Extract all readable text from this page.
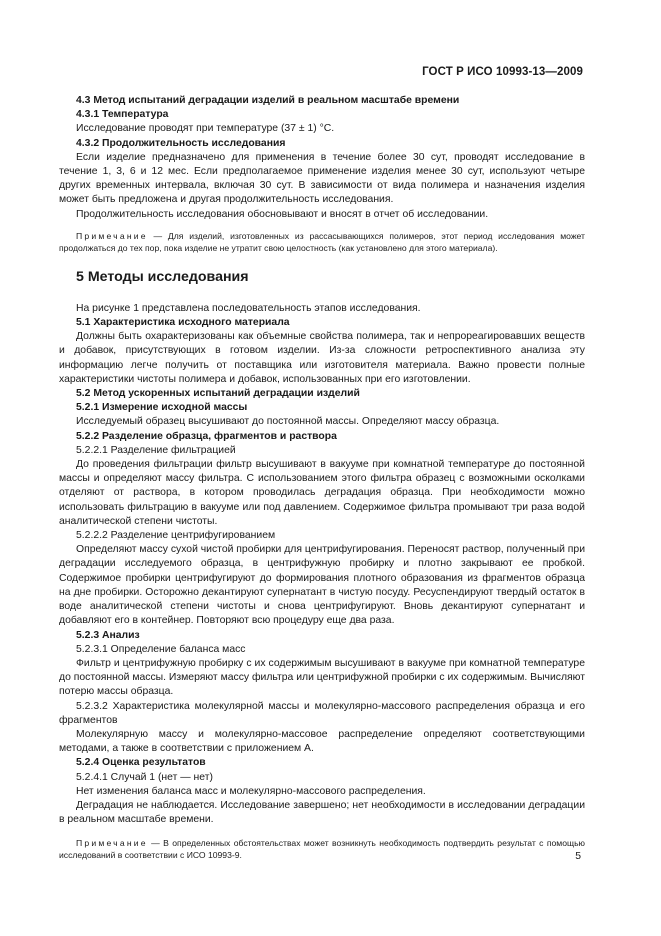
ГОСТ Р ИСО 10993-13—2009

4.3 Метод испытаний деградации изделий в реальном масштабе времени

4.3.1 Температура

Исследование проводят при температуре (37 ± 1) °С.

4.3.2 Продолжительность исследования

Если изделие предназначено для применения в течение более 30 сут, проводят исследование в течение 1, 3, 6 и 12 мес. Если предполагаемое применение изделия менее 30 сут, используют четыре других временных интервала, включая 30 сут. В зависимости от вида полимера и назначения изделия может быть предложена и другая продолжительность исследования.

Продолжительность исследования обосновывают и вносят в отчет об исследовании.

Примечание — Для изделий, изготовленных из рассасывающихся полимеров, этот период исследования может продолжаться до тех пор, пока изделие не утратит свою целостность (как установлено для этого материала).

5 Методы исследования

На рисунке 1 представлена последовательность этапов исследования.

5.1 Характеристика исходного материала

Должны быть охарактеризованы как объемные свойства полимера, так и непрореагировавших веществ и добавок, присутствующих в готовом изделии. Из-за сложности ретроспективного анализа эту информацию легче получить от поставщика или изготовителя материала. Важно провести полные характеристики чистоты полимера и добавок, использованных при его изготовлении.

5.2 Метод ускоренных испытаний деградации изделий

5.2.1 Измерение исходной массы

Исследуемый образец высушивают до постоянной массы. Определяют массу образца.

5.2.2 Разделение образца, фрагментов и раствора

5.2.2.1 Разделение фильтрацией

До проведения фильтрации фильтр высушивают в вакууме при комнатной температуре до постоянной массы и определяют массу фильтра. С использованием этого фильтра образец с возможными осколками отделяют от раствора, в котором проводилась деградация образца. При необходимости можно использовать фильтрацию в вакууме или под давлением. Содержимое фильтра промывают три раза водой аналитической степени чистоты.

5.2.2.2 Разделение центрифугированием

Определяют массу сухой чистой пробирки для центрифугирования. Переносят раствор, полученный при деградации исследуемого образца, в центрифужную пробирку и плотно закрывают ее пробкой. Содержимое пробирки центрифугируют до формирования плотного образования из фрагментов образца на дне пробирки. Осторожно декантируют супернатант в чистую посуду. Ресуспендируют твердый остаток в воде аналитической степени чистоты и снова центрифугируют. Вновь декантируют супернатант и добавляют его в контейнер. Повторяют всю процедуру еще два раза.

5.2.3 Анализ

5.2.3.1 Определение баланса масс

Фильтр и центрифужную пробирку с их содержимым высушивают в вакууме при комнатной температуре до постоянной массы. Измеряют массу фильтра или центрифужной пробирки с их содержимым. Вычисляют потерю массы образца.

5.2.3.2 Характеристика молекулярной массы и молекулярно-массового распределения образца и его фрагментов

Молекулярную массу и молекулярно-массовое распределение определяют соответствующими методами, а также в соответствии с приложением А.

5.2.4 Оценка результатов

5.2.4.1 Случай 1 (нет — нет)

Нет изменения баланса масс и молекулярно-массового распределения.

Деградация не наблюдается. Исследование завершено; нет необходимости в исследовании деградации в реальном масштабе времени.

Примечание — В определенных обстоятельствах может возникнуть необходимость подтвердить результат с помощью исследований в соответствии с ИСО 10993-9.	5
